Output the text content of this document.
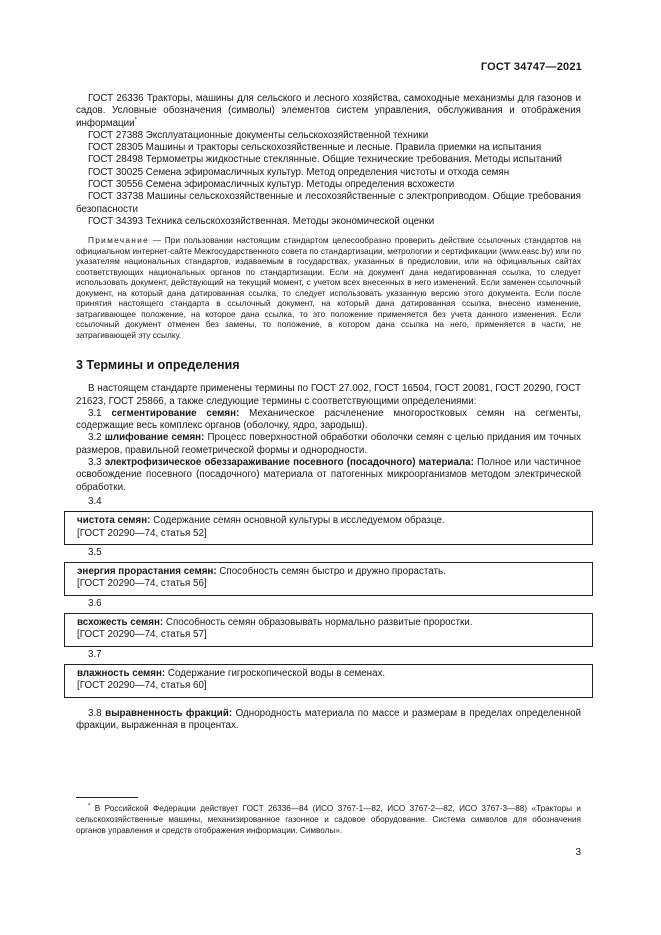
ГОСТ 34747—2021

ГОСТ 26336 Тракторы, машины для сельского и лесного хозяйства, самоходные механизмы для газонов и садов. Условные обозначения (символы) элементов систем управления, обслуживания и отображения информации*

ГОСТ 27388 Эксплуатационные документы сельскохозяйственной техники

ГОСТ 28305 Машины и тракторы сельскохозяйственные и лесные. Правила приемки на испытания

ГОСТ 28498 Термометры жидкостные стеклянные. Общие технические требования. Методы испытаний

ГОСТ 30025 Семена эфиромасличных культур. Метод определения чистоты и отхода семян

ГОСТ 30556 Семена эфиромасличных культур. Методы определения всхожести

ГОСТ 33738 Машины сельскохозяйственные и лесохозяйственные с электроприводом. Общие требования безопасности

ГОСТ 34393 Техника сельскохозяйственная. Методы экономической оценки

Примечание — При пользовании настоящим стандартом целесообразно проверить действие ссылочных стандартов на официальном интернет-сайте Межгосударственного совета по стандартизации, метрологии и сертификации (www.easc.by) или по указателям национальных стандартов, издаваемым в государствах, указанных в предисловии, или на официальных сайтах соответствующих национальных органов по стандартизации. Если на документ дана недатированная ссылка, то следует использовать документ, действующий на текущий момент, с учетом всех внесенных в него изменений. Если заменен ссылочный документ, на который дана датированная ссылка, то следует использовать указанную версию этого документа. Если после принятия настоящего стандарта в ссылочный документ, на который дана датированная ссылка, внесено изменение, затрагивающее положение, на которое дана ссылка, то это положение применяется без учета данного изменения. Если ссылочный документ отменен без замены, то положение, в котором дана ссылка на него, применяется в части, не затрагивающей эту ссылку.

3 Термины и определения

В настоящем стандарте применены термины по ГОСТ 27.002, ГОСТ 16504, ГОСТ 20081, ГОСТ 20290, ГОСТ 21623, ГОСТ 25866, а также следующие термины с соответствующими определениями:

3.1 сегментирование семян: Механическое расчленение многоростковых семян на сегменты, содержащие весь комплекс органов (оболочку, ядро, зародыш).

3.2 шлифование семян: Процесс поверхностной обработки оболочки семян с целью придания им точных размеров, правильной геометрической формы и однородности.

3.3 электрофизическое обеззараживание посевного (посадочного) материала: Полное или частичное освобождение посевного (посадочного) материала от патогенных микроорганизмов методом электрической обработки.

3.4

чистота семян: Содержание семян основной культуры в исследуемом образце.

[ГОСТ 20290—74, статья 52]

3.5

энергия прорастания семян: Способность семян быстро и дружно прорастать.

[ГОСТ 20290—74, статья 56]

3.6

всхожесть семян: Способность семян образовывать нормально развитые проростки.

[ГОСТ 20290—74, статья 57]

3.7

влажность семян: Содержание гигроскопической воды в семенах.

[ГОСТ 20290—74, статья 60]

3.8 выравненность фракций: Однородность материала по массе и размерам в пределах определенной фракции, выраженная в процентах.

* В Российской Федерации действует ГОСТ 26336—84 (ИСО 3767-1—82, ИСО 3767-2—82, ИСО 3767-3—88) «Тракторы и сельскохозяйственные машины, механизированное газонное и садовое оборудование. Система символов для обозначения органов управления и средств отображения информации. Символы».

3
